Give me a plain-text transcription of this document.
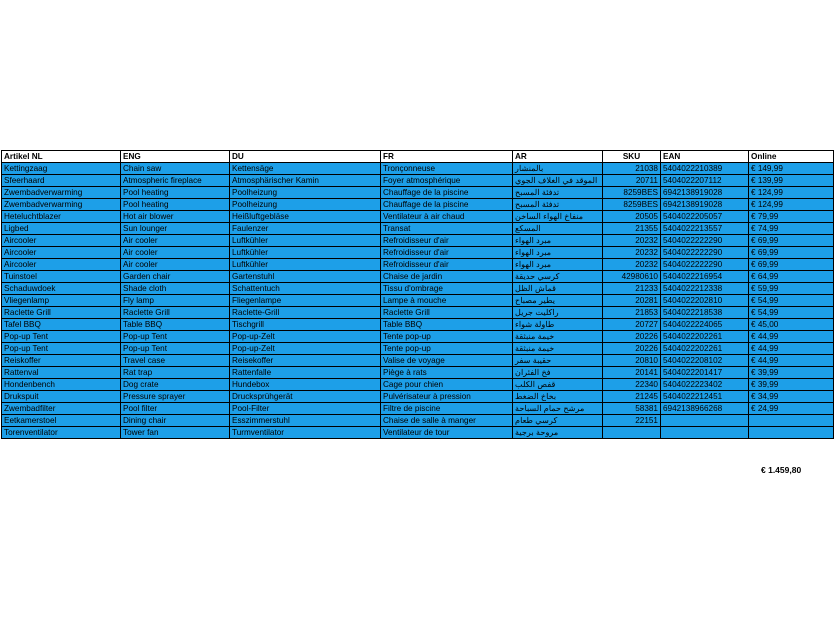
Artikel NL	ENG	DU	FR	AR	SKU	EAN	Online
Kettingzaag	Chain saw	Kettensäge	Tronçonneuse	بالمنشار	21038	5404022210389	€ 149,99
Sfeerhaard	Atmospheric fireplace	Atmosphärischer Kamin	Foyer atmosphérique	الموقد في الغلاف الجوي	20711	5404022207112	€ 139,99
Zwembadverwarming	Pool heating	Poolheizung	Chauffage de la piscine	تدفئة المسبح	8259BES	6942138919028	€ 124,99
Zwembadverwarming	Pool heating	Poolheizung	Chauffage de la piscine	تدفئة المسبح	8259BES	6942138919028	€ 124,99
Heteluchtblazer	Hot air blower	Heißluftgebläse	Ventilateur à air chaud	منفاخ الهواء الساخن	20505	5404022205057	€ 79,99
Ligbed	Sun lounger	Faulenzer	Transat	المسكع	21355	5404022213557	€ 74,99
Aircooler	Air cooler	Luftkühler	Refroidisseur d'air	مبرد الهواء	20232	5404022222290	€ 69,99
Aircooler	Air cooler	Luftkühler	Refroidisseur d'air	مبرد الهواء	20232	5404022222290	€ 69,99
Aircooler	Air cooler	Luftkühler	Refroidisseur d'air	مبرد الهواء	20232	5404022222290	€ 69,99
Tuinstoel	Garden chair	Gartenstuhl	Chaise de jardin	كرسي حديقة	42980610	5404022216954	€ 64,99
Schaduwdoek	Shade cloth	Schattentuch	Tissu d'ombrage	قماش الظل	21233	5404022212338	€ 59,99
Vliegenlamp	Fly lamp	Fliegenlampe	Lampe à mouche	يطير مصباح	20281	5404022202810	€ 54,99
Raclette Grill	Raclette Grill	Raclette-Grill	Raclette Grill	راكليت جريل	21853	5404022218538	€ 54,99
Tafel BBQ	Table BBQ	Tischgrill	Table BBQ	طاولة شواء	20727	5404022224065	€ 45,00
Pop-up Tent	Pop-up Tent	Pop-up-Zelt	Tente pop-up	خيمة منبثقة	20226	5404022202261	€ 44,99
Pop-up Tent	Pop-up Tent	Pop-up-Zelt	Tente pop-up	خيمة منبثقة	20226	5404022202261	€ 44,99
Reiskoffer	Travel case	Reisekoffer	Valise de voyage	حقيبة سفر	20810	5404022208102	€ 44,99
Rattenval	Rat trap	Rattenfalle	Piège à rats	فخ الفئران	20141	5404022201417	€ 39,99
Hondenbench	Dog crate	Hundebox	Cage pour chien	قفص الكلب	22340	5404022223402	€ 39,99
Drukspuit	Pressure sprayer	Drucksprühgerät	Pulvérisateur à pression	بخاخ الضغط	21245	5404022212451	€ 34,99
Zwembadfilter	Pool filter	Pool-Filter	Filtre de piscine	مرشح حمام السباحة	58381	6942138966268	€ 24,99
Eetkamerstoel	Dining chair	Esszimmerstuhl	Chaise de salle à manger	كرسي طعام	22151		
Torenventilator	Tower fan	Turmventilator	Ventilateur de tour	مروحة برجية			
€ 1.459,80
